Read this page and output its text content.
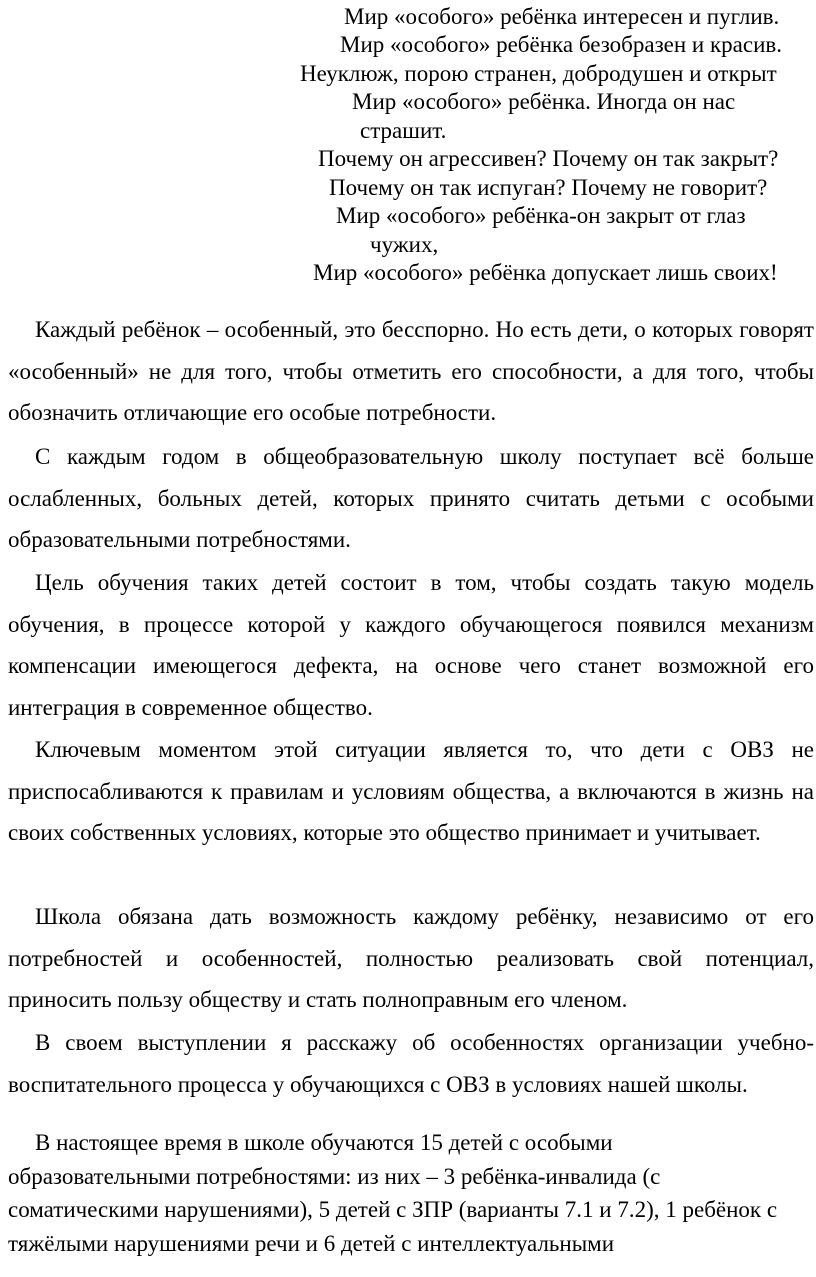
Мир «особого» ребёнка интересен и пуглив.
Мир «особого» ребёнка безобразен и красив.
Неуклюж, порою странен, добродушен и открыт
Мир «особого» ребёнка. Иногда он нас
страшит.
Почему он агрессивен? Почему он так закрыт?
Почему он так испуган? Почему не говорит?
Мир «особого» ребёнка-он закрыт от глаз
чужих,
Мир «особого» ребёнка допускает лишь своих!

Каждый ребёнок – особенный, это бесспорно. Но есть дети, о которых говорят «особенный» не для того, чтобы отметить его способности, а для того, чтобы обозначить отличающие его особые потребности.

С каждым годом в общеобразовательную школу поступает всё больше ослабленных, больных детей, которых принято считать детьми с особыми образовательными потребностями.

Цель обучения таких детей состоит в том, чтобы создать такую модель обучения, в процессе которой у каждого обучающегося появился механизм компенсации имеющегося дефекта, на основе чего станет возможной его интеграция в современное общество.

Ключевым моментом этой ситуации является то, что дети с ОВЗ не приспосабливаются к правилам и условиям общества, а включаются в жизнь на своих собственных условиях, которые это общество принимает и учитывает.

Школа обязана дать возможность каждому ребёнку, независимо от его потребностей и особенностей, полностью реализовать свой потенциал, приносить пользу обществу и стать полноправным его членом.

В своем выступлении я расскажу об особенностях организации учебно-воспитательного процесса у обучающихся с ОВЗ в условиях нашей школы.

В настоящее время в школе обучаются 15 детей с особыми образовательными потребностями: из них – 3 ребёнка-инвалида (с соматическими нарушениями), 5 детей с ЗПР (варианты 7.1 и 7.2), 1 ребёнок с тяжёлыми нарушениями речи и 6 детей с интеллектуальными
